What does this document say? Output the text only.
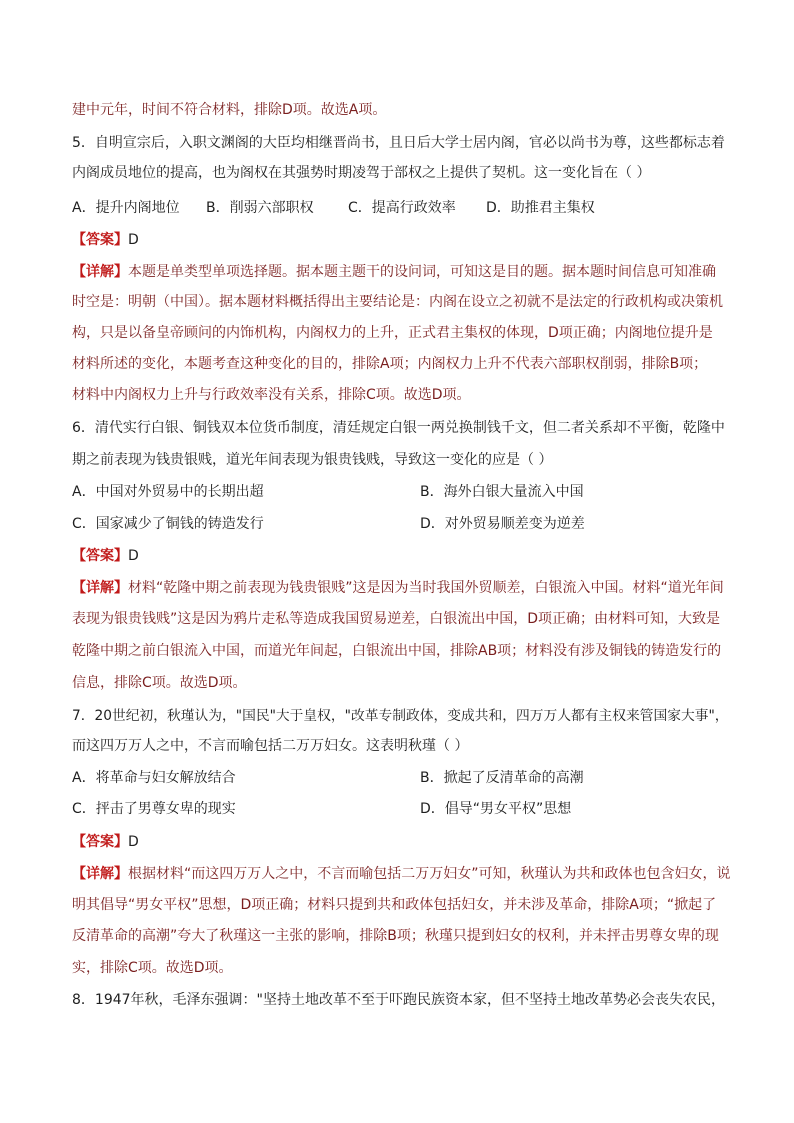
建中元年，时间不符合材料，排除D项。故选A项。
5．自明宣宗后，入职文渊阁的大臣均相继晋尚书，且日后大学士居内阁，官必以尚书为尊，这些都标志着
内阁成员地位的提高，也为阁权在其强势时期凌驾于部权之上提供了契机。这一变化旨在（ ）
A．提升内阁地位 B．削弱六部职权 C．提高行政效率 D．助推君主集权
【答案】D
【详解】本题是单类型单项选择题。据本题主题干的设问词，可知这是目的题。据本题时间信息可知准确
时空是：明朝（中国）。据本题材料概括得出主要结论是：内阁在设立之初就不是法定的行政机构或决策机
构，只是以备皇帝顾问的内饰机构，内阁权力的上升，正式君主集权的体现，D项正确；内阁地位提升是
材料所述的变化，本题考查这种变化的目的，排除A项；内阁权力上升不代表六部职权削弱，排除B项；
材料中内阁权力上升与行政效率没有关系，排除C项。故选D项。
6．清代实行白银、铜钱双本位货币制度，清廷规定白银一两兑换制钱千文，但二者关系却不平衡，乾隆中
期之前表现为钱贵银贱，道光年间表现为银贵钱贱，导致这一变化的应是（ ）
A．中国对外贸易中的长期出超	B．海外白银大量流入中国
C．国家减少了铜钱的铸造发行	D．对外贸易顺差变为逆差
【答案】D
【详解】材料“乾隆中期之前表现为钱贵银贱”这是因为当时我国外贸顺差，白银流入中国。材料“道光年间
表现为银贵钱贱”这是因为鸦片走私等造成我国贸易逆差，白银流出中国，D项正确；由材料可知，大致是
乾隆中期之前白银流入中国，而道光年间起，白银流出中国，排除AB项；材料没有涉及铜钱的铸造发行的
信息，排除C项。故选D项。
7．20世纪初，秋瑾认为，"国民"大于皇权，"改革专制政体，变成共和，四万万人都有主权来管国家大事"，
而这四万万人之中，不言而喻包括二万万妇女。这表明秋瑾（ ）
A．将革命与妇女解放结合	B．掀起了反清革命的高潮
C．抨击了男尊女卑的现实	D．倡导“男女平权”思想
【答案】D
【详解】根据材料“而这四万万人之中，不言而喻包括二万万妇女”可知，秋瑾认为共和政体也包含妇女，说
明其倡导“男女平权”思想，D项正确；材料只提到共和政体包括妇女，并未涉及革命，排除A项；“掀起了
反清革命的高潮”夸大了秋瑾这一主张的影响，排除B项；秋瑾只提到妇女的权利，并未抨击男尊女卑的现
实，排除C项。故选D项。
8．1947年秋，毛泽东强调："坚持土地改革不至于吓跑民族资本家，但不坚持土地改革势必会丧失农民，
